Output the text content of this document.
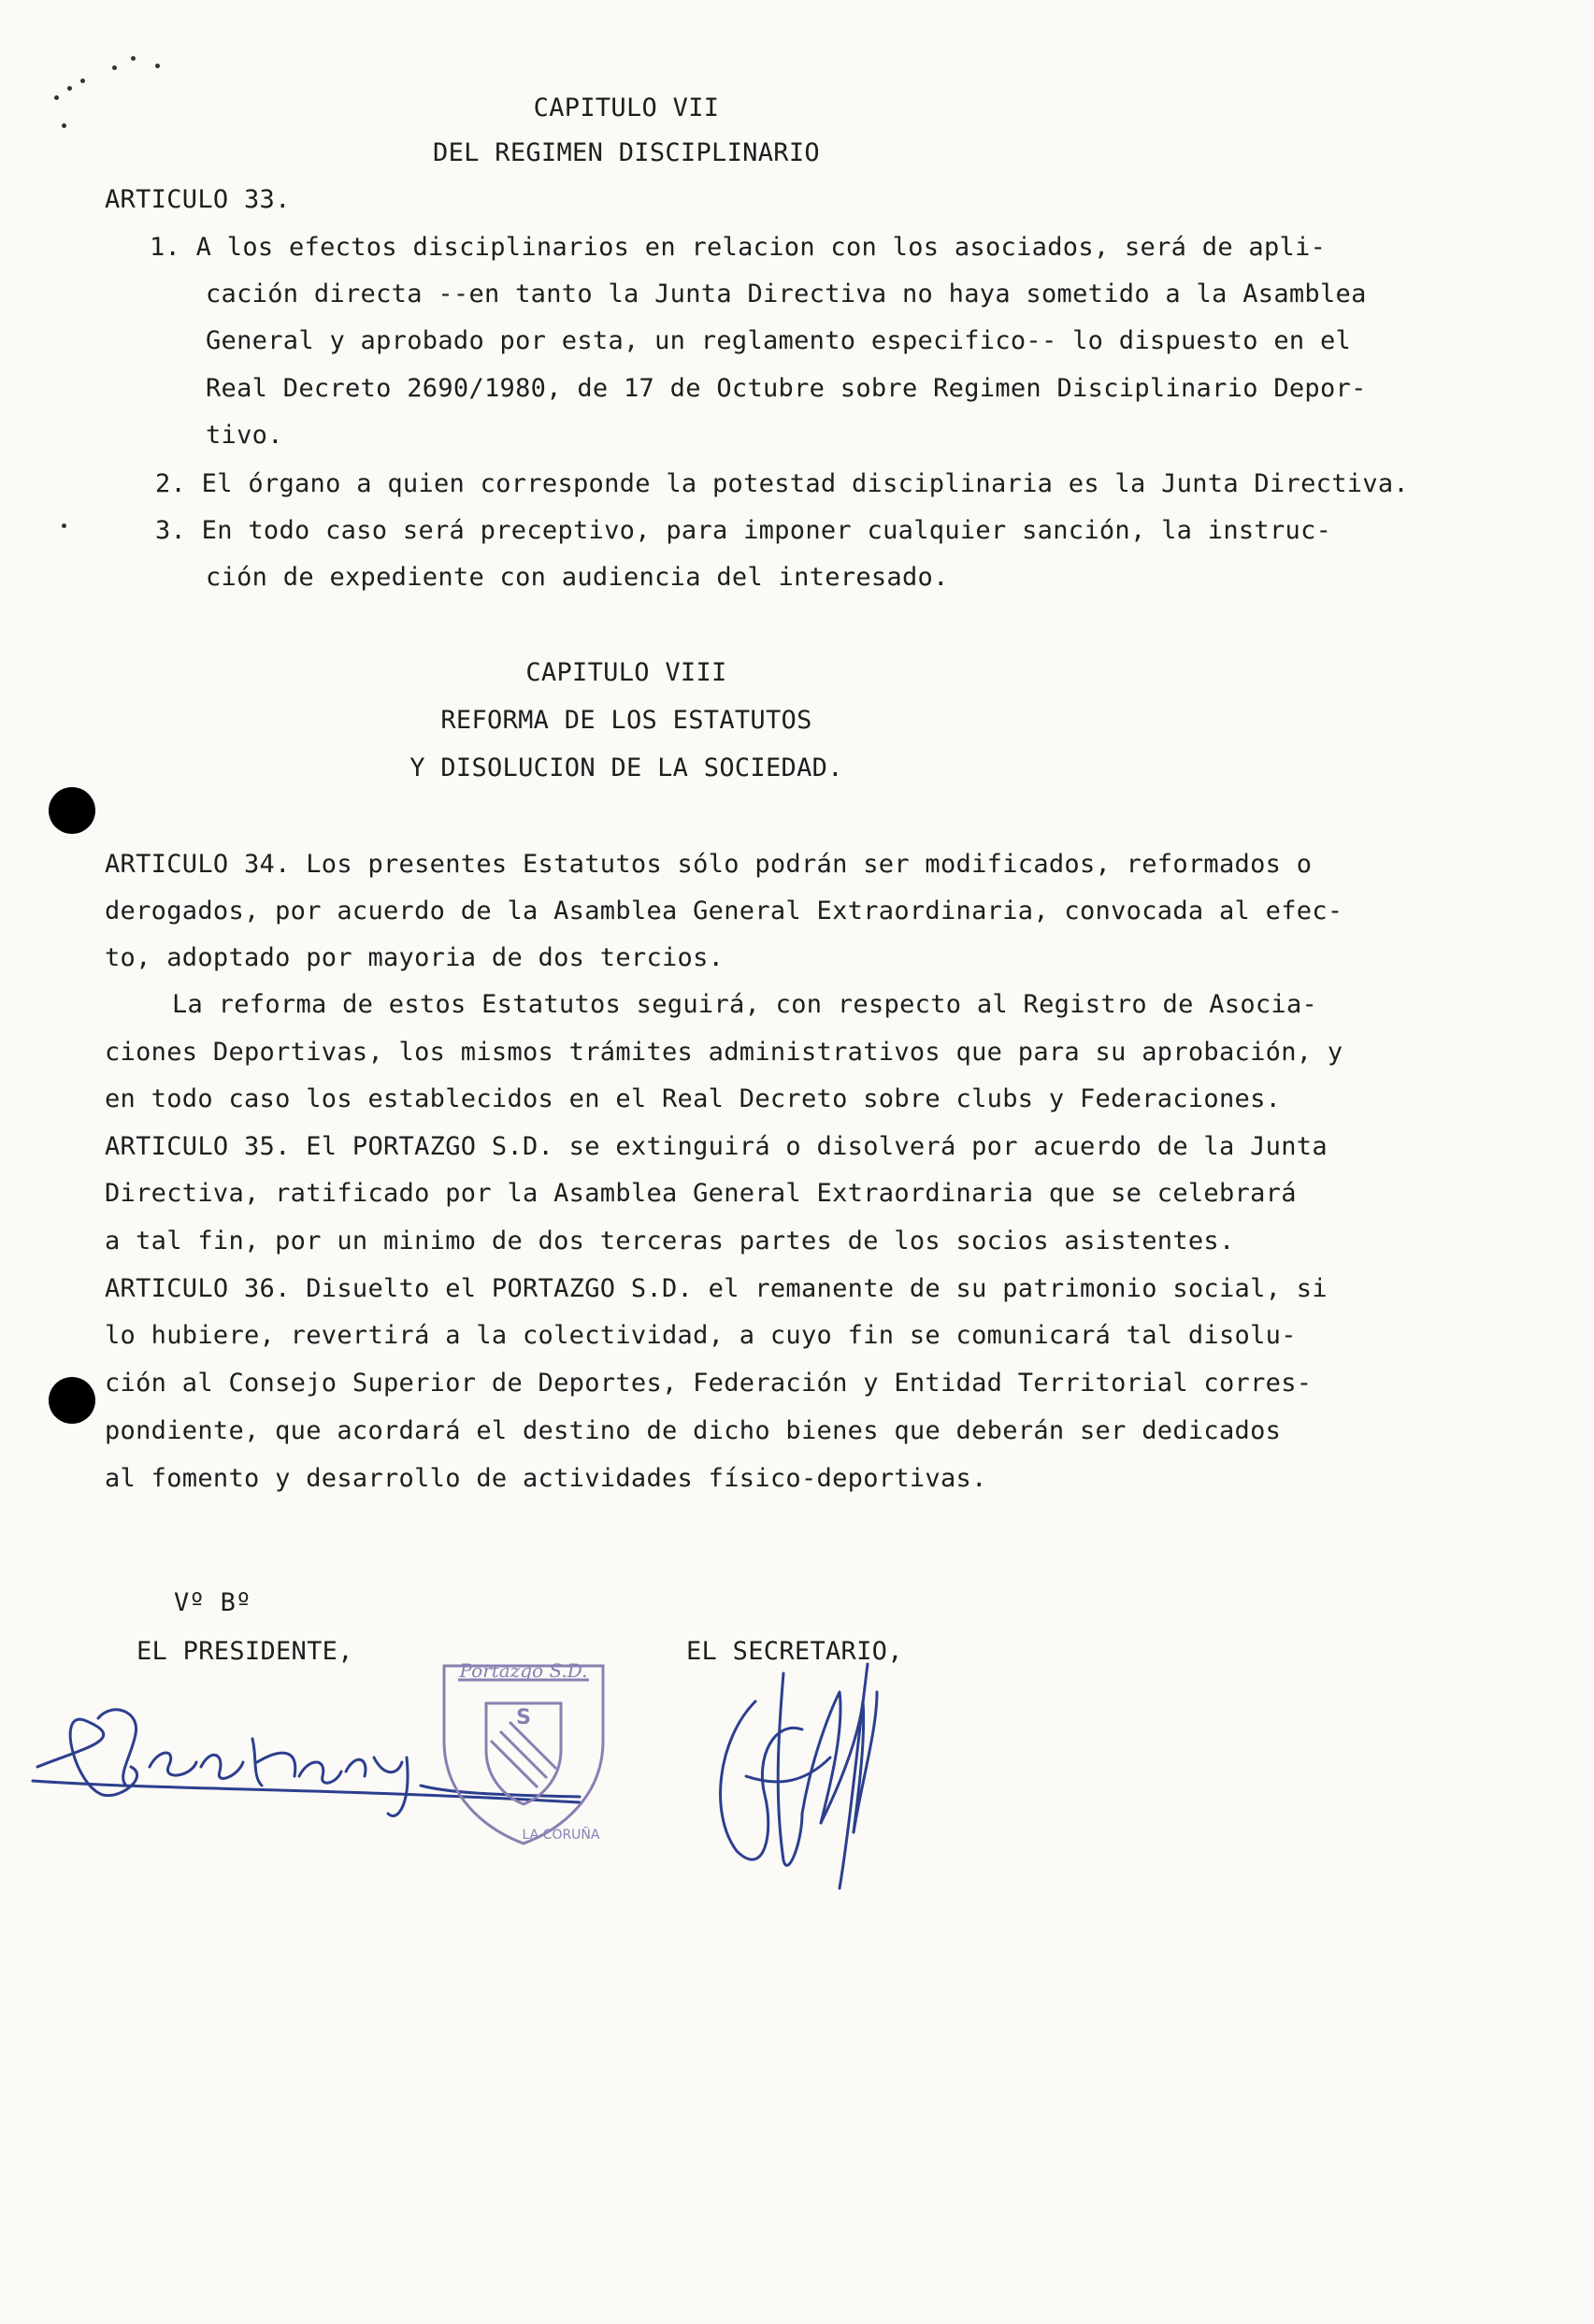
CAPITULO VII
DEL REGIMEN DISCIPLINARIO
ARTICULO 33.
1. A los efectos disciplinarios en relacion con los asociados, será de apli-
cación directa --en tanto la Junta Directiva no haya sometido a la Asamblea
General y aprobado por esta, un reglamento especifico-- lo dispuesto en el
Real Decreto 2690/1980, de 17 de Octubre sobre Regimen Disciplinario Depor-
tivo.
2. El órgano a quien corresponde la potestad disciplinaria es la Junta Directiva.
3. En todo caso será preceptivo, para imponer cualquier sanción, la instruc-
ción de expediente con audiencia del interesado.
CAPITULO VIII
REFORMA DE LOS ESTATUTOS
Y DISOLUCION DE LA SOCIEDAD.
ARTICULO 34. Los presentes Estatutos sólo podrán ser modificados, reformados o
derogados, por acuerdo de la Asamblea General Extraordinaria, convocada al efec-
to, adoptado por mayoria de dos tercios.
La reforma de estos Estatutos seguirá, con respecto al Registro de Asocia-
ciones Deportivas, los mismos trámites administrativos que para su aprobación, y
en todo caso los establecidos en el Real Decreto sobre clubs y Federaciones.
ARTICULO 35. El PORTAZGO S.D. se extinguirá o disolverá por acuerdo de la Junta
Directiva, ratificado por la Asamblea General Extraordinaria que se celebrará
a tal fin, por un minimo de dos terceras partes de los socios asistentes.
ARTICULO 36. Disuelto el PORTAZGO S.D. el remanente de su patrimonio social, si
lo hubiere, revertirá a la colectividad, a cuyo fin se comunicará tal disolu-
ción al Consejo Superior de Deportes, Federación y Entidad Territorial corres-
pondiente, que acordará el destino de dicho bienes que deberán ser dedicados
al fomento y desarrollo de actividades físico-deportivas.
Vº Bº
EL PRESIDENTE,	EL SECRETARIO,
Portazgo S.D.
S
LA CORUÑA
